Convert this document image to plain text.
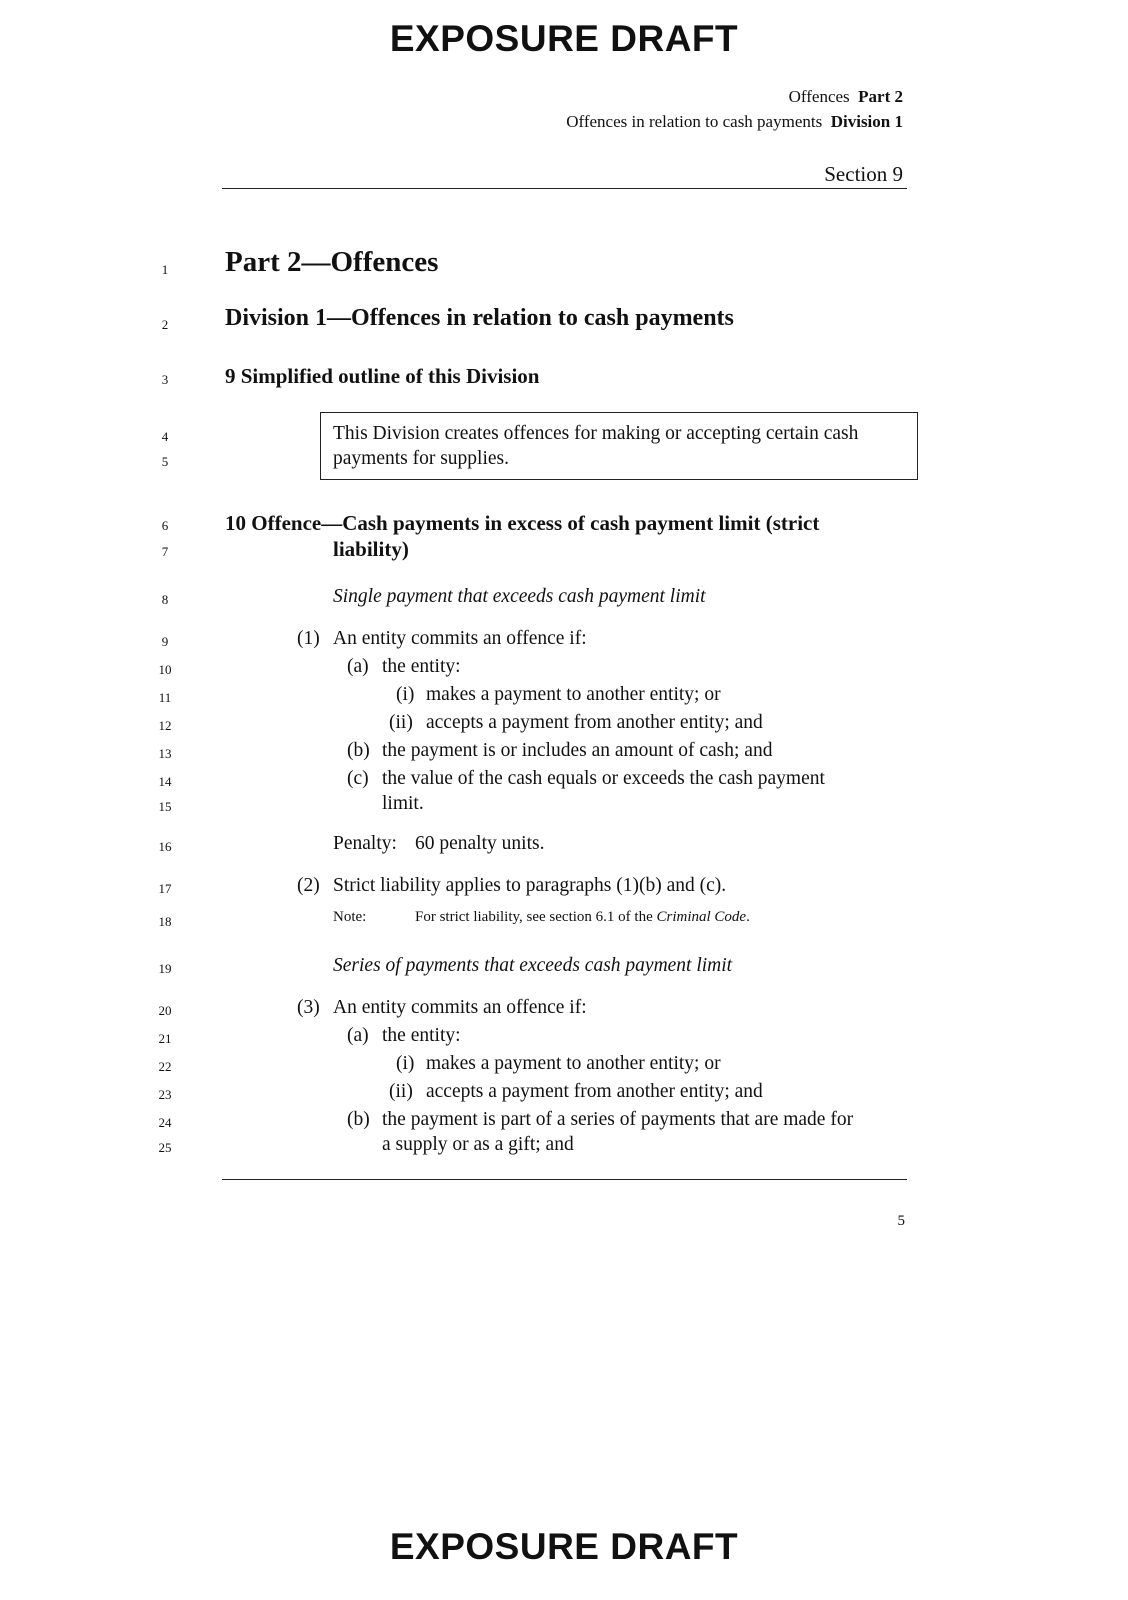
EXPOSURE DRAFT
Offences Part 2
Offences in relation to cash payments Division 1
Section 9
1
2
3
4
5
6
7
8
9
10
11
12
13
14
15
16
17
18
19
20
21
22
23
24
25
Part 2—Offences
Division 1—Offences in relation to cash payments
9 Simplified outline of this Division
This Division creates offences for making or accepting certain cash
payments for supplies.
10 Offence—Cash payments in excess of cash payment limit (strict
liability)
Single payment that exceeds cash payment limit
(1) An entity commits an offence if:
(a) the entity:
(i) makes a payment to another entity; or
(ii) accepts a payment from another entity; and
(b) the payment is or includes an amount of cash; and
(c) the value of the cash equals or exceeds the cash payment
limit.
Penalty: 60 penalty units.
(2) Strict liability applies to paragraphs (1)(b) and (c).
Note:	For strict liability, see section 6.1 of the Criminal Code.
Series of payments that exceeds cash payment limit
(3) An entity commits an offence if:
(a) the entity:
(i) makes a payment to another entity; or
(ii) accepts a payment from another entity; and
(b) the payment is part of a series of payments that are made for
a supply or as a gift; and
5
EXPOSURE DRAFT
